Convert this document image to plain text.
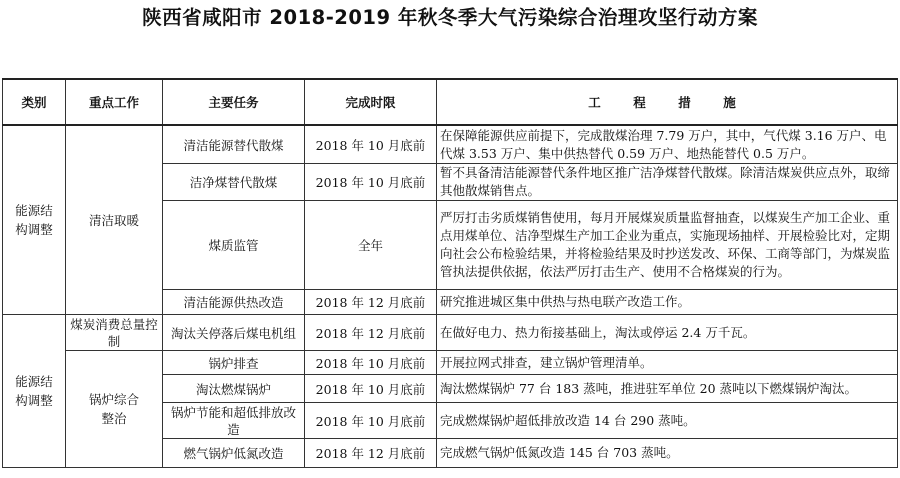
陕西省咸阳市 2018-2019 年秋冬季大气污染综合治理攻坚行动方案
类别	重点工作	主要任务	完成时限	工　程　措　施
能源结构调整	清洁取暖	清洁能源替代散煤	2018 年 10 月底前	在保障能源供应前提下，完成散煤治理 7.79 万户，其中，气代煤 3.16 万户、电代煤 3.53 万户、集中供热替代 0.59 万户、地热能替代 0.5 万户。
		洁净煤替代散煤	2018 年 10 月底前	暂不具备清洁能源替代条件地区推广洁净煤替代散煤。除清洁煤炭供应点外，取缔其他散煤销售点。
		煤质监管	全年	严厉打击劣质煤销售使用，每月开展煤炭质量监督抽查，以煤炭生产加工企业、重点用煤单位、洁净型煤生产加工企业为重点，实施现场抽样、开展检验比对，定期向社会公布检验结果，并将检验结果及时抄送发改、环保、工商等部门，为煤炭监管执法提供依据，依法严厉打击生产、使用不合格煤炭的行为。
		清洁能源供热改造	2018 年 12 月底前	研究推进城区集中供热与热电联产改造工作。
能源结构调整	煤炭消费总量控制	淘汰关停落后煤电机组	2018 年 12 月底前	在做好电力、热力衔接基础上，淘汰或停运 2.4 万千瓦。
	锅炉综合整治	锅炉排查	2018 年 10 月底前	开展拉网式排查，建立锅炉管理清单。
		淘汰燃煤锅炉	2018 年 10 月底前	淘汰燃煤锅炉 77 台 183 蒸吨，推进驻军单位 20 蒸吨以下燃煤锅炉淘汰。
		锅炉节能和超低排放改造	2018 年 10 月底前	完成燃煤锅炉超低排放改造 14 台 290 蒸吨。
		燃气锅炉低氮改造	2018 年 12 月底前	完成燃气锅炉低氮改造 145 台 703 蒸吨。
